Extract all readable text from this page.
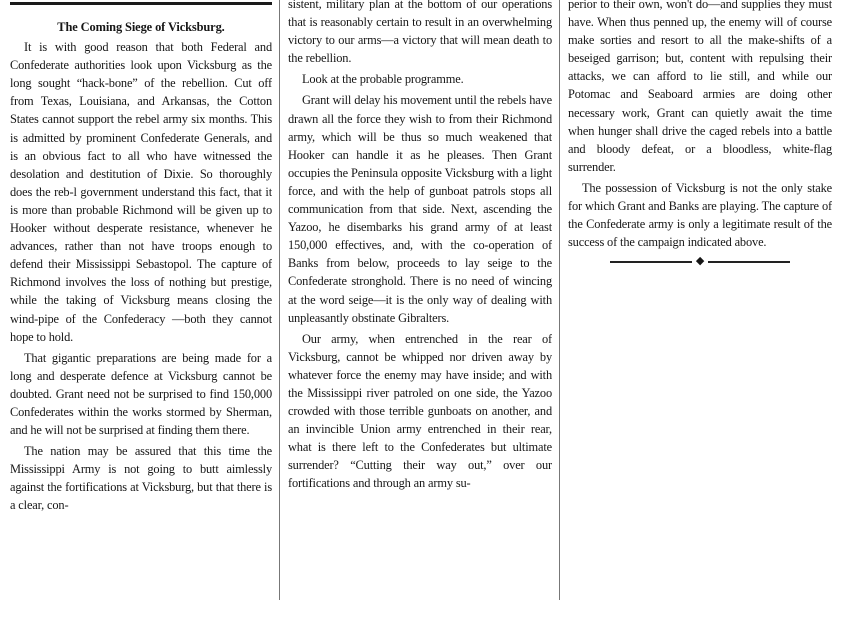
The Coming Siege of Vicksburg.

It is with good reason that both Federal and Confederate authorities look upon Vicksburg as the long sought “hack-bone” of the rebellion. Cut off from Texas, Louisiana, and Arkansas, the Cotton States cannot support the rebel army six months. This is admitted by prominent Confederate Generals, and is an obvious fact to all who have witnessed the desolation and destitution of Dixie. So thoroughly does the reb-l government understand this fact, that it is more than probable Richmond will be given up to Hooker without desperate resistance, whenever he advances, rather than not have troops enough to defend their Mississippi Sebastopol. The capture of Richmond involves the loss of nothing but prestige, while the taking of Vicksburg means closing the wind-pipe of the Confederacy —both they cannot hope to hold.

That gigantic preparations are being made for a long and desperate defence at Vicksburg cannot be doubted. Grant need not be surprised to find 150,000 Confederates within the works stormed by Sherman, and he will not be surprised at finding them there.

The nation may be assured that this time the Mississippi Army is not going to butt aimlessly against the fortifications at Vicksburg, but that there is a clear, con-

sistent, military plan at the bottom of our operations that is reasonably certain to result in an overwhelming victory to our arms—a victory that will mean death to the rebellion.

Look at the probable programme.

Grant will delay his movement until the rebels have drawn all the force they wish to from their Richmond army, which will be thus so much weakened that Hooker can handle it as he pleases. Then Grant occupies the Peninsula opposite Vicksburg with a light force, and with the help of gunboat patrols stops all communication from that side. Next, ascending the Yazoo, he disembarks his grand army of at least 150,000 effectives, and, with the co-operation of Banks from below, proceeds to lay seige to the Confederate stronghold. There is no need of wincing at the word seige—it is the only way of dealing with unpleasantly obstinate Gibralters.

Our army, when entrenched in the rear of Vicksburg, cannot be whipped nor driven away by whatever force the enemy may have inside; and with the Mississippi river patroled on one side, the Yazoo crowded with those terrible gunboats on another, and an invincible Union army entrenched in their rear, what is there left to the Confederates but ultimate surrender? “Cutting their way out,” over our fortifications and through an army su-

perior to their own, won't do—and supplies they must have. When thus penned up, the enemy will of course make sorties and resort to all the make-shifts of a beseiged garrison; but, content with repulsing their attacks, we can afford to lie still, and while our Potomac and Seaboard armies are doing other necessary work, Grant can quietly await the time when hunger shall drive the caged rebels into a battle and bloody defeat, or a bloodless, white-flag surrender.

The possession of Vicksburg is not the only stake for which Grant and Banks are playing. The capture of the Confederate army is only a legitimate result of the success of the campaign indicated above.

◆
